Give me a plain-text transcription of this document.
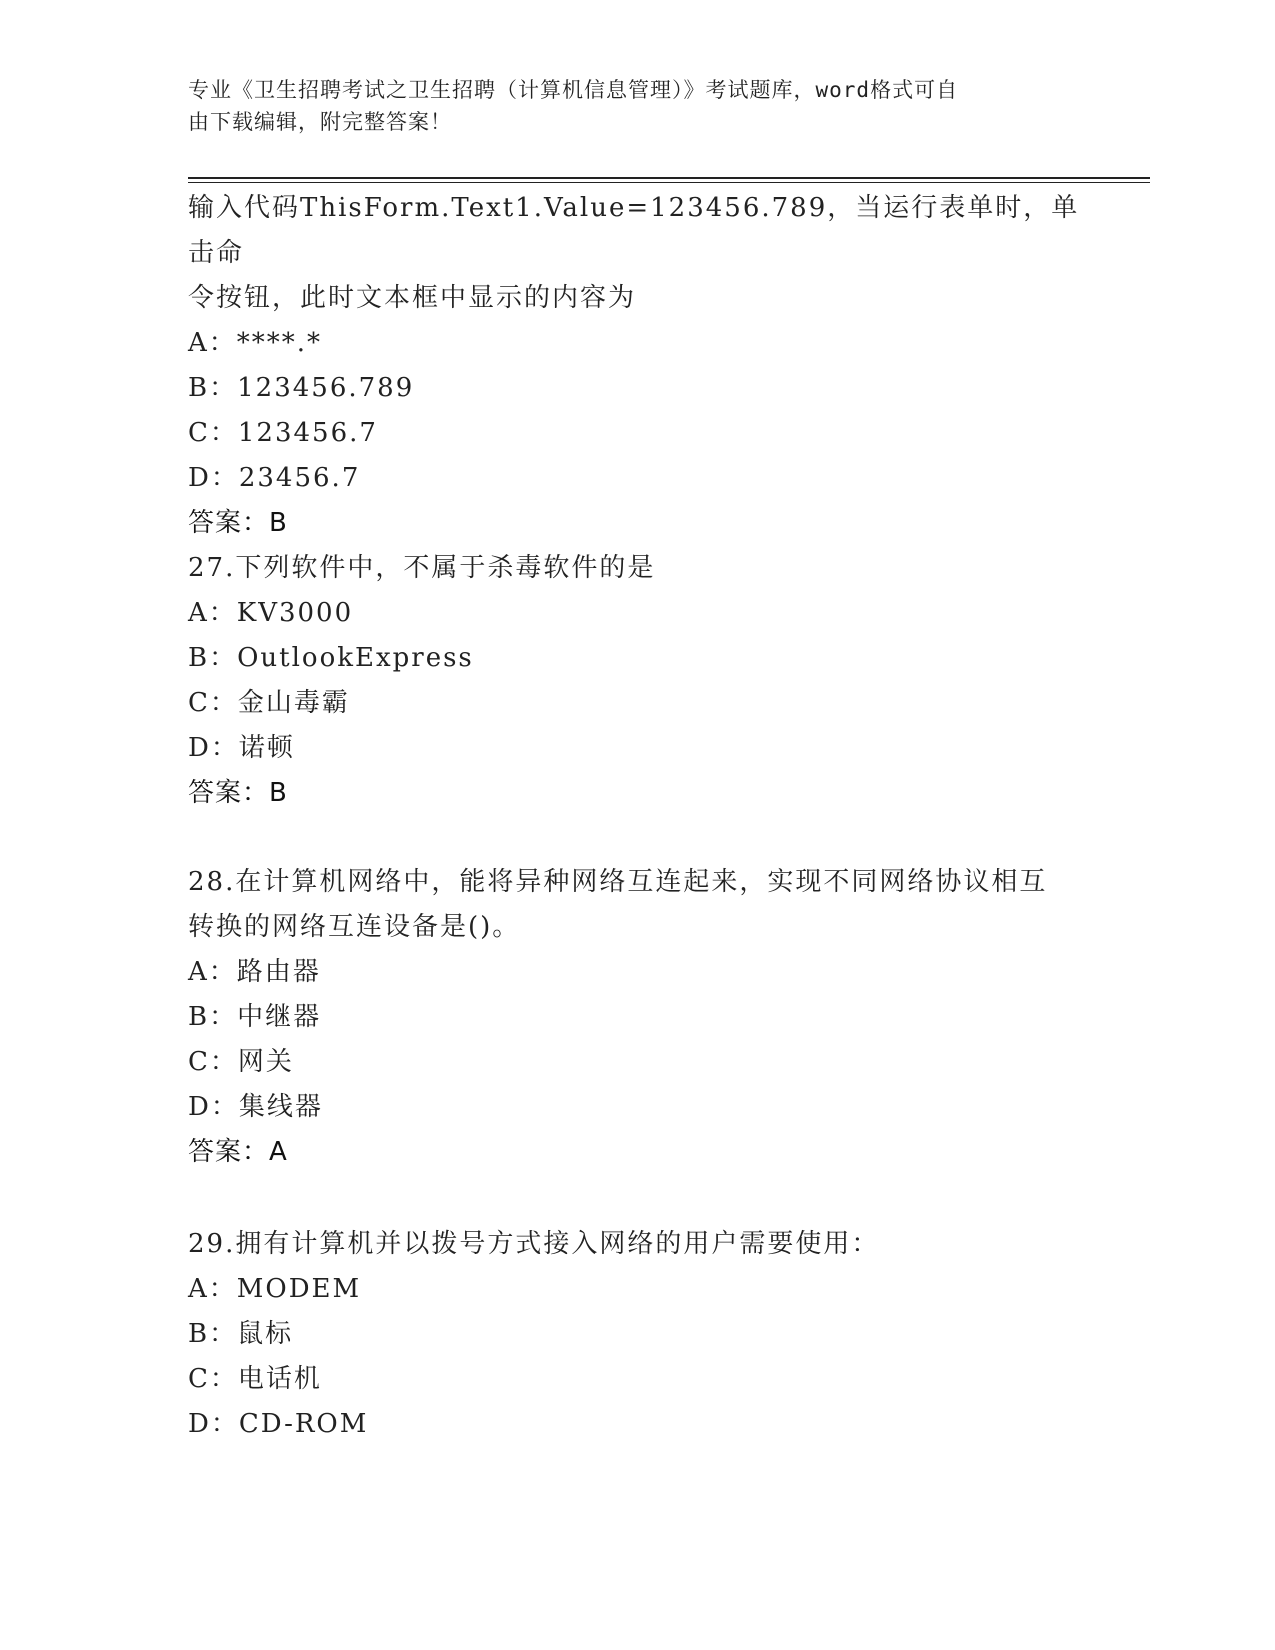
专业《卫生招聘考试之卫生招聘（计算机信息管理）》考试题库，word格式可自
由下载编辑，附完整答案！
输入代码ThisForm.Text1.Value=123456.789，当运行表单时，单击命
令按钮，此时文本框中显示的内容为
A：****.*
B：123456.789
C：123456.7
D：23456.7
答案：B
27.下列软件中，不属于杀毒软件的是
A：KV3000
B：OutlookExpress
C：金山毒霸
D：诺顿
答案：B
28.在计算机网络中，能将异种网络互连起来，实现不同网络协议相互
转换的网络互连设备是()。
A：路由器
B：中继器
C：网关
D：集线器
答案：A
29.拥有计算机并以拨号方式接入网络的用户需要使用：
A：MODEM
B：鼠标
C：电话机
D：CD-ROM
